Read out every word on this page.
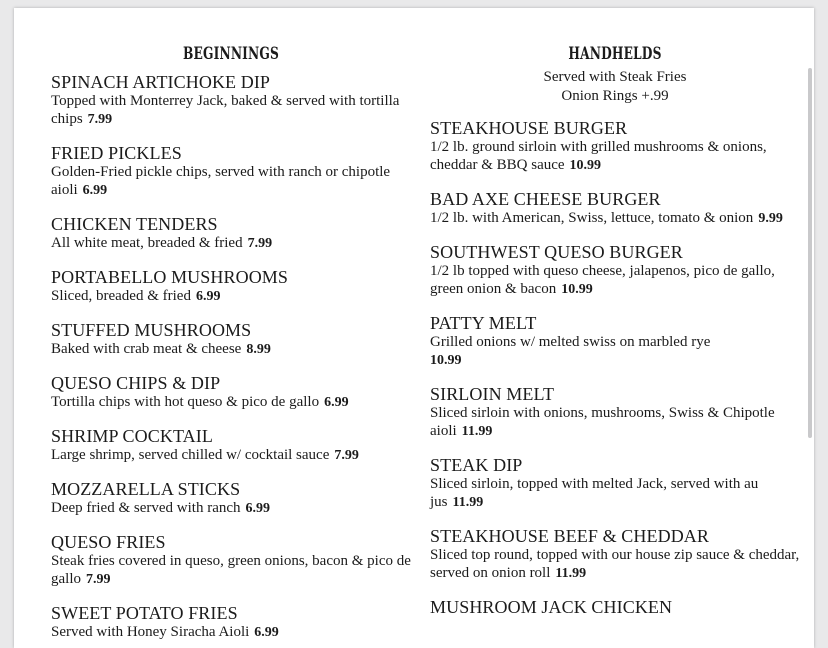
BEGINNINGS
SPINACH ARTICHOKE DIP
Topped with Monterrey Jack, baked & served with tortilla chips 7.99
FRIED PICKLES
Golden-Fried pickle chips, served with ranch or chipotle aioli 6.99
CHICKEN TENDERS
All white meat, breaded & fried 7.99
PORTABELLO MUSHROOMS
Sliced, breaded & fried 6.99
STUFFED MUSHROOMS
Baked with crab meat & cheese 8.99
QUESO CHIPS & DIP
Tortilla chips with hot queso & pico de gallo 6.99
SHRIMP COCKTAIL
Large shrimp, served chilled w/ cocktail sauce 7.99
MOZZARELLA STICKS
Deep fried & served with ranch 6.99
QUESO FRIES
Steak fries covered in queso, green onions, bacon & pico de gallo 7.99
SWEET POTATO FRIES
Served with Honey Siracha Aioli 6.99
HANDHELDS
Served with Steak Fries
Onion Rings +.99
STEAKHOUSE BURGER
1/2 lb. ground sirloin with grilled mushrooms & onions, cheddar & BBQ sauce 10.99
BAD AXE CHEESE BURGER
1/2 lb. with American, Swiss, lettuce, tomato & onion 9.99
SOUTHWEST QUESO BURGER
1/2 lb topped with queso cheese, jalapenos, pico de gallo, green onion & bacon 10.99
PATTY MELT
Grilled onions w/ melted swiss on marbled rye
10.99
SIRLOIN MELT
Sliced sirloin with onions, mushrooms, Swiss & Chipotle aioli 11.99
STEAK DIP
Sliced sirloin, topped with melted Jack, served with au jus 11.99
STEAKHOUSE BEEF & CHEDDAR
Sliced top round, topped with our house zip sauce & cheddar, served on onion roll 11.99
MUSHROOM JACK CHICKEN
